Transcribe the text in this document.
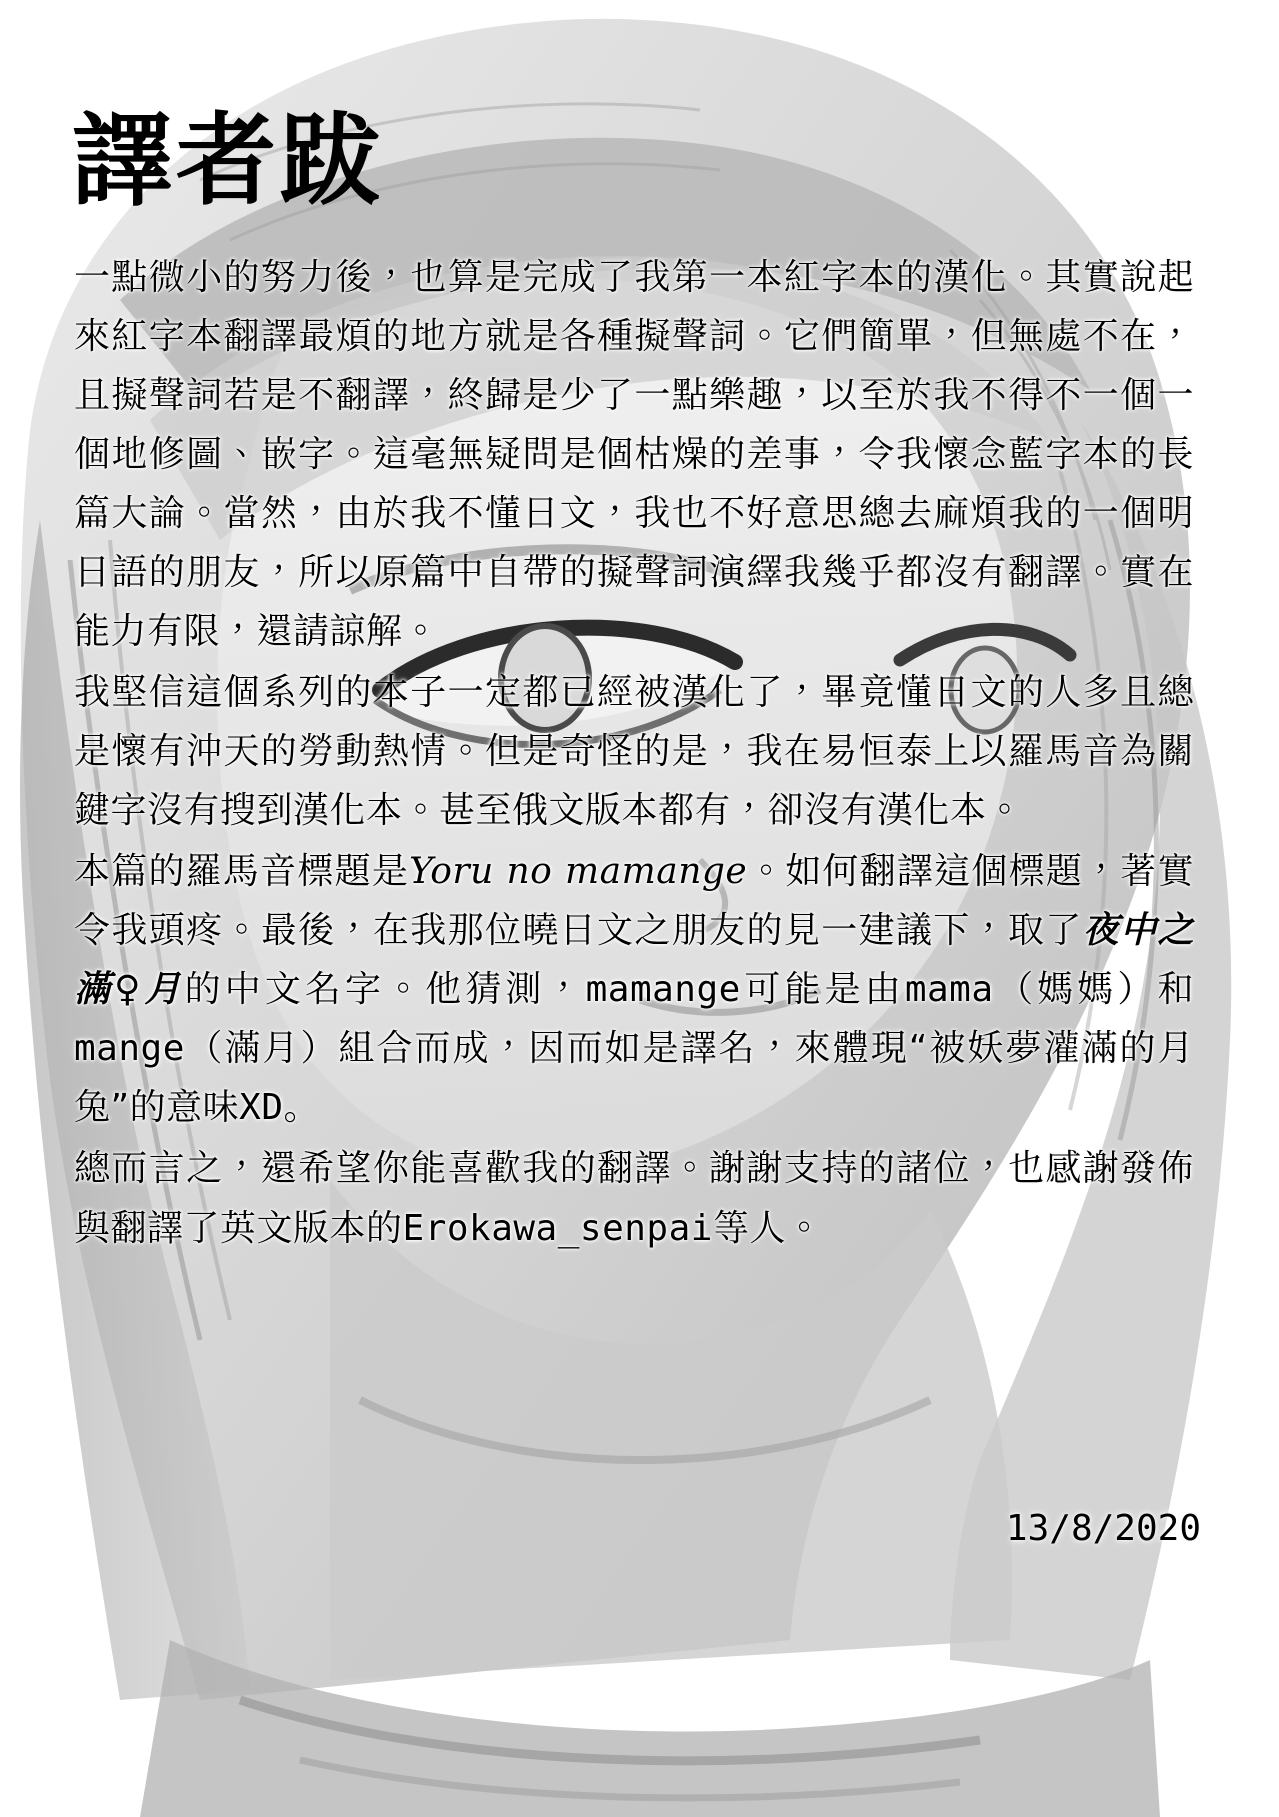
譯者跋

一點微小的努力後，也算是完成了我第一本紅字本的漢化。其實說起來紅字本翻譯最煩的地方就是各種擬聲詞。它們簡單，但無處不在，且擬聲詞若是不翻譯，終歸是少了一點樂趣，以至於我不得不一個一個地修圖、嵌字。這毫無疑問是個枯燥的差事，令我懷念藍字本的長篇大論。當然，由於我不懂日文，我也不好意思總去麻煩我的一個明日語的朋友，所以原篇中自帶的擬聲詞演繹我幾乎都沒有翻譯。實在能力有限，還請諒解。

我堅信這個系列的本子一定都已經被漢化了，畢竟懂日文的人多且總是懷有沖天的勞動熱情。但是奇怪的是，我在易恒泰上以羅馬音為關鍵字沒有搜到漢化本。甚至俄文版本都有，卻沒有漢化本。

本篇的羅馬音標題是Yoru no mamange。如何翻譯這個標題，著實令我頭疼。最後，在我那位曉日文之朋友的見一建議下，取了夜中之滿♀月的中文名字。他猜測，mamange可能是由mama（媽媽）和mange（滿月）組合而成，因而如是譯名，來體現“被妖夢灌滿的月兔”的意味XD。

總而言之，還希望你能喜歡我的翻譯。謝謝支持的諸位，也感謝發佈與翻譯了英文版本的Erokawa_senpai等人。

13/8/2020
